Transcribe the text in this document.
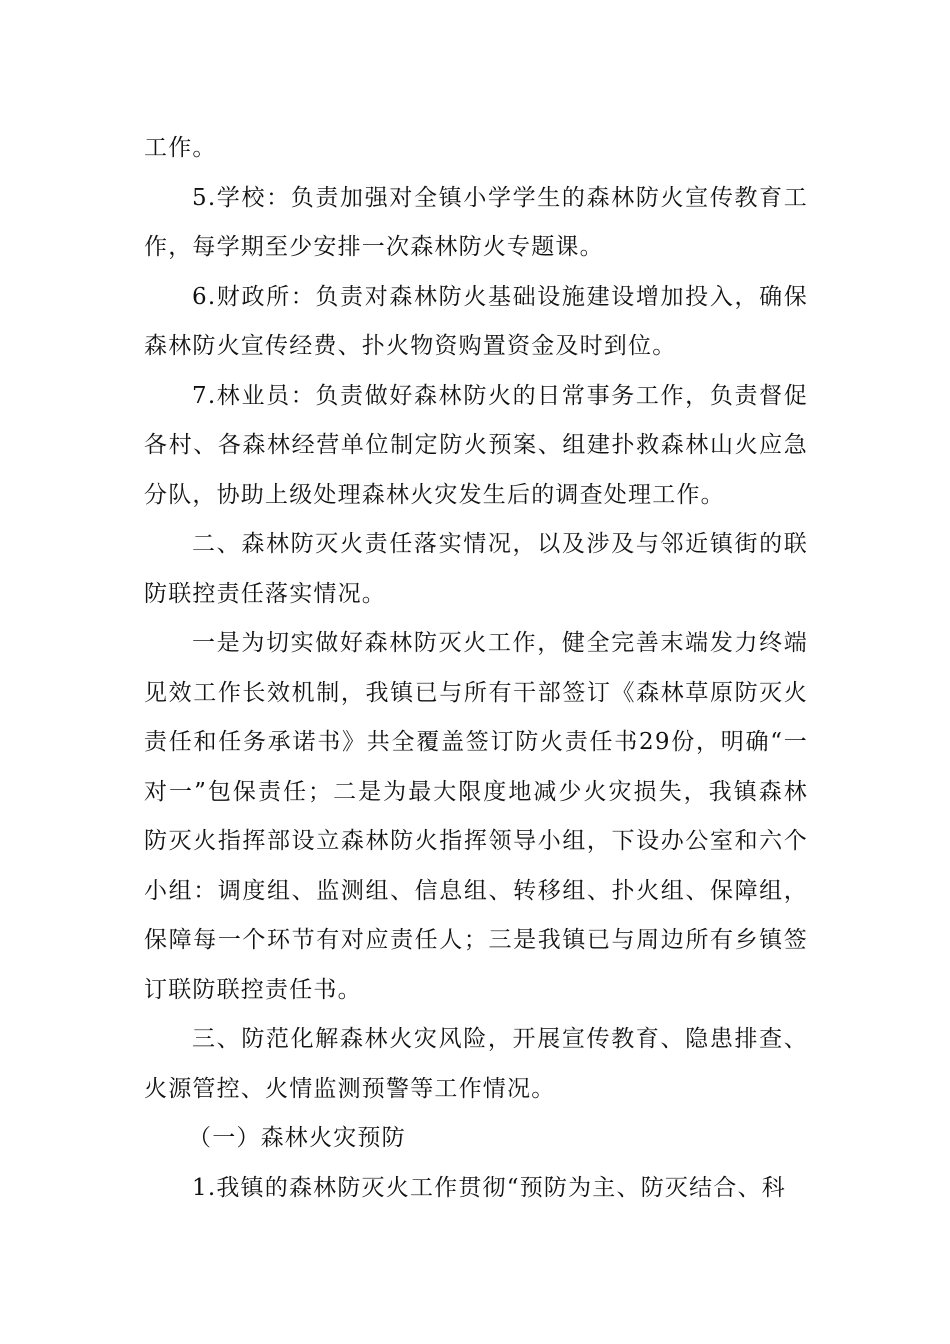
工作。

5.学校：负责加强对全镇小学学生的森林防火宣传教育工作，每学期至少安排一次森林防火专题课。

6.财政所：负责对森林防火基础设施建设增加投入，确保森林防火宣传经费、扑火物资购置资金及时到位。

7.林业员：负责做好森林防火的日常事务工作，负责督促各村、各森林经营单位制定防火预案、组建扑救森林山火应急分队，协助上级处理森林火灾发生后的调查处理工作。

二、森林防灭火责任落实情况，以及涉及与邻近镇街的联防联控责任落实情况。

一是为切实做好森林防灭火工作，健全完善末端发力终端见效工作长效机制，我镇已与所有干部签订《森林草原防灭火责任和任务承诺书》共全覆盖签订防火责任书29份，明确“一对一”包保责任；二是为最大限度地减少火灾损失，我镇森林防灭火指挥部设立森林防火指挥领导小组，下设办公室和六个小组：调度组、监测组、信息组、转移组、扑火组、保障组，保障每一个环节有对应责任人；三是我镇已与周边所有乡镇签订联防联控责任书。

三、防范化解森林火灾风险，开展宣传教育、隐患排查、火源管控、火情监测预警等工作情况。

（一）森林火灾预防

1.我镇的森林防灭火工作贯彻“预防为主、防灭结合、科
